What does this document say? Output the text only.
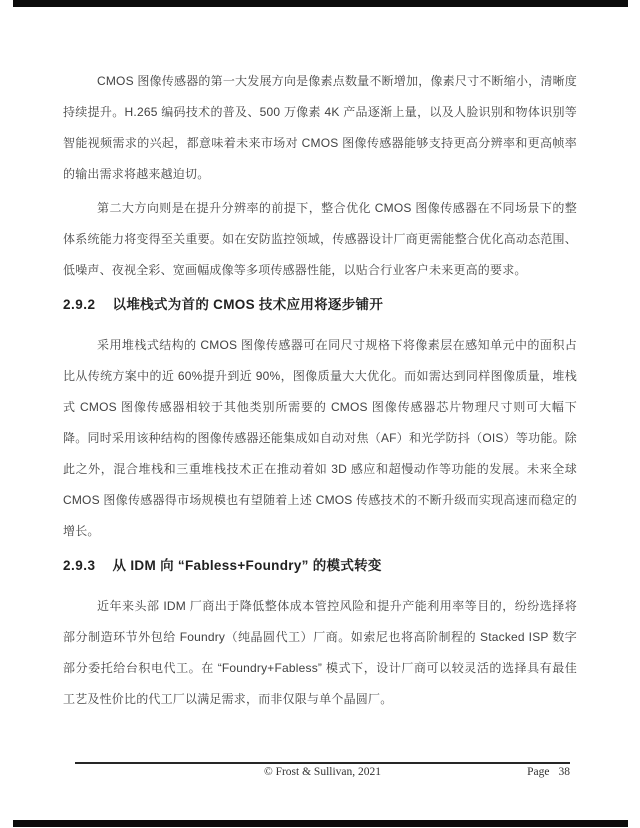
CMOS 图像传感器的第一大发展方向是像素点数量不断增加，像素尺寸不断缩小，清晰度持续提升。H.265 编码技术的普及、500 万像素 4K 产品逐渐上量，以及人脸识别和物体识别等智能视频需求的兴起，都意味着未来市场对 CMOS 图像传感器能够支持更高分辨率和更高帧率的输出需求将越来越迫切。

第二大方向则是在提升分辨率的前提下，整合优化 CMOS 图像传感器在不同场景下的整体系统能力将变得至关重要。如在安防监控领域，传感器设计厂商更需能整合优化高动态范围、低噪声、夜视全彩、宽画幅成像等多项传感器性能，以贴合行业客户未来更高的要求。

2.9.2 以堆栈式为首的 CMOS 技术应用将逐步铺开

采用堆栈式结构的 CMOS 图像传感器可在同尺寸规格下将像素层在感知单元中的面积占比从传统方案中的近 60%提升到近 90%，图像质量大大优化。而如需达到同样图像质量，堆栈式 CMOS 图像传感器相较于其他类别所需要的 CMOS 图像传感器芯片物理尺寸则可大幅下降。同时采用该种结构的图像传感器还能集成如自动对焦（AF）和光学防抖（OIS）等功能。除此之外，混合堆栈和三重堆栈技术正在推动着如 3D 感应和超慢动作等功能的发展。未来全球 CMOS 图像传感器得市场规模也有望随着上述 CMOS 传感技术的不断升级而实现高速而稳定的增长。

2.9.3 从 IDM 向 “Fabless+Foundry” 的模式转变

近年来头部 IDM 厂商出于降低整体成本管控风险和提升产能利用率等目的，纷纷选择将部分制造环节外包给 Foundry（纯晶圆代工）厂商。如索尼也将高阶制程的 Stacked ISP 数字部分委托给台积电代工。在 “Foundry+Fabless” 模式下，设计厂商可以较灵活的选择具有最佳工艺及性价比的代工厂以满足需求，而非仅限与单个晶圆厂。

© Frost & Sullivan, 2021	Page 38
